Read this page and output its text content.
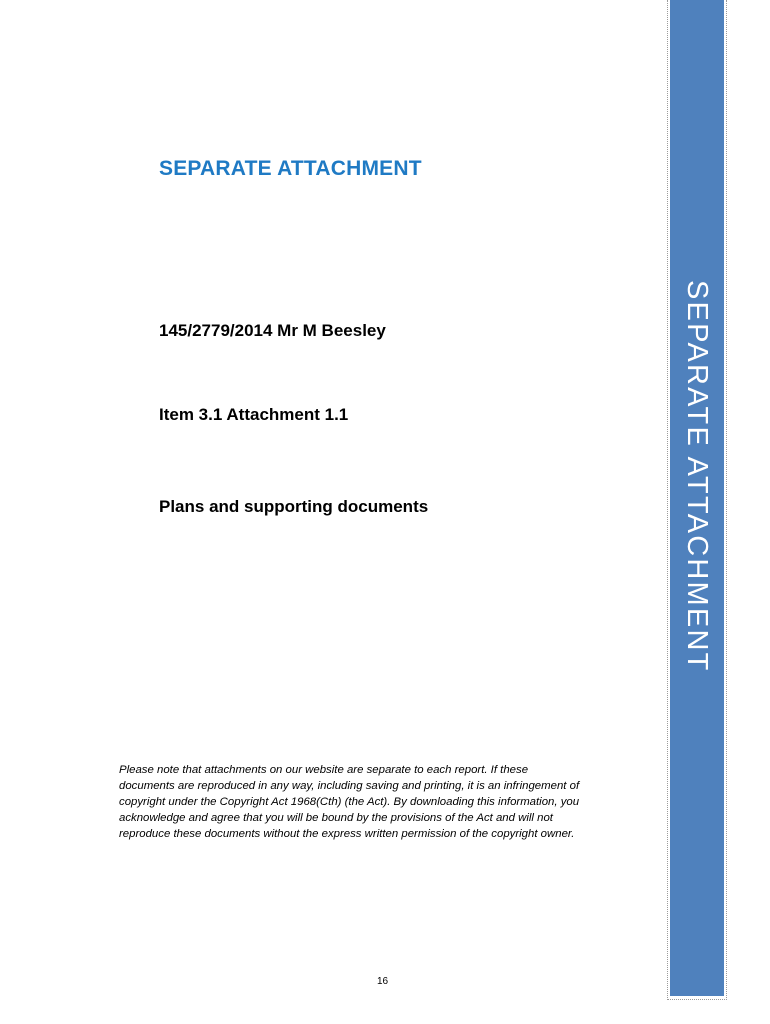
SEPARATE ATTACHMENT
145/2779/2014 Mr M Beesley
Item 3.1 Attachment 1.1
Plans and supporting documents
Please note that attachments on our website are separate to each report. If these
documents are reproduced in any way, including saving and printing, it is an infringement of
copyright under the Copyright Act 1968(Cth) (the Act). By downloading this information, you
acknowledge and agree that you will be bound by the provisions of the Act and will not
reproduce these documents without the express written permission of the copyright owner.
16
SEPARATE ATTACHMENT
